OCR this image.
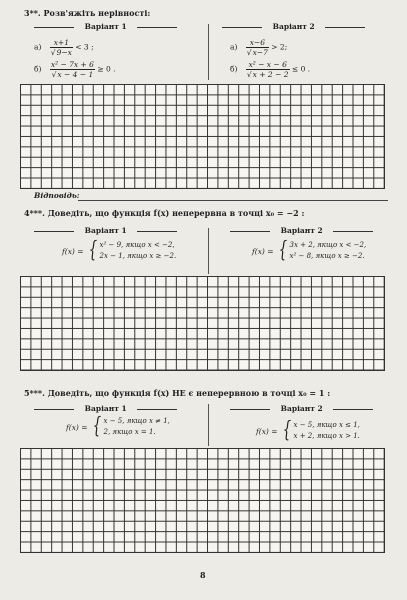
3**. Розв'яжіть нерівності:
Варіант 1	Варіант 2
$а) \frac{x+1}{√9-x} < 3$ ;
$б) \frac{\text{x² − 7x + 6}}{√x - 4 - 1} \ge 0$ .
$а) \frac{x-6}{√x-7} > 2$;
$б) \frac{\text{x² − x − 6}}{√x + 2 - 2} \le 0$ .
Відповідь:
4***. Доведіть, що функція f(x) неперервна в точці x₀ = −2 :
Варіант 1	Варіант 2
f(x) = { x² − 9, якщо x < −2,
2x − 1, якщо x ≥ −2.
f(x) = { 3x + 2, якщо x < −2,
x² − 8, якщо x ≥ −2.
5***. Доведіть, що функція f(x) НЕ є неперервною в точці x₀ = 1 :
Варіант 1	Варіант 2
f(x) = { x − 5, якщо x ≠ 1,
2, якщо x = 1.	f(x) = { x − 5, якщо x ≤ 1,
x + 2, якщо x > 1.
8
